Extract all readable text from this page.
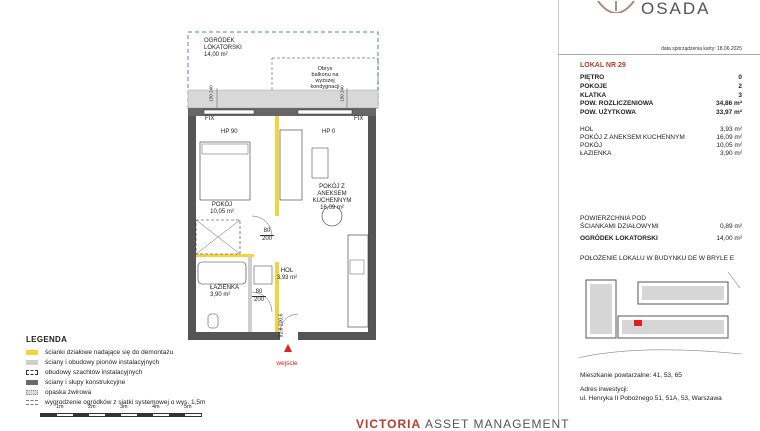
OSADA
data sporządzenia karty: 18.06.2025
OGRÓDEK
LOKATORSKI
14,00 m²
Obrys
balkonu na
wyższej
kondygnacji
150 240
150 240
FIX	FIX
HP 90	HP 0
POKÓJ Z
ANEKSEM
KUCHENNYM
16,09 m²
POKÓJ
10,05 m²
80
200
HOL
3,93 m²
ŁAZIENKA
3,90 m²	80
200
92,8 200,6
wejście
LEGENDA
ścianki działowe nadające się do demontażu
ściany i obudowy pionów instalacyjnych
obudowy szachtów instalacyjnych
ściany i słupy konstrukcyjne
opaska żwirowa
wygrodzenie ogródków z siatki systemowej o wys. 1,5m
1m	2m	3m	4m	5m
VICTORIA ASSET MANAGEMENT
LOKAL NR 29
PIĘTRO	0
POKOJE	2
KLATKA	3
POW. ROZLICZENIOWA	34,86 m²
POW. UŻYTKOWA	33,97 m²
HOL	3,93 m²
POKÓJ Z ANEKSEM KUCHENNYM	16,09 m²
POKÓJ	10,05 m²
ŁAZIENKA	3,90 m²
POWIERZCHNIA POD
ŚCIANKAMI DZIAŁOWYMI	0,89 m²
OGRÓDEK LOKATORSKI	14,00 m²
POŁOŻENIE LOKALU W BUDYNKU DE W BRYLE E
Mieszkanie powtarzalne: 41, 53, 65
Adres inwestycji:
ul. Henryka II Pobożnego 51, 51A, 53, Warszawa
